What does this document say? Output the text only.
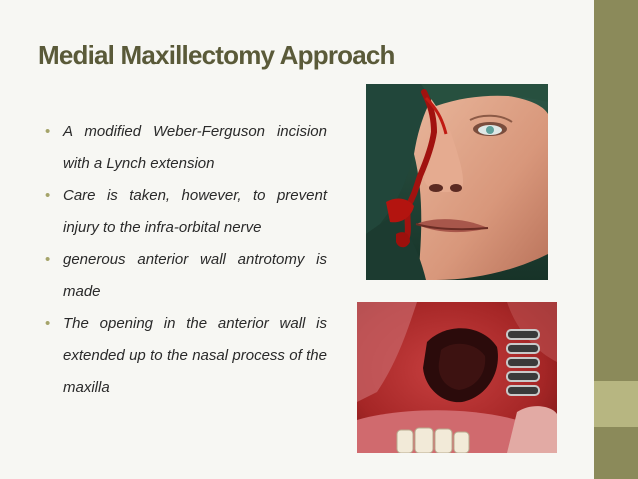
Medial Maxillectomy Approach
• A modified Weber-Ferguson incision with a Lynch extension
• Care is taken, however, to prevent injury to the infra-orbital nerve
• generous anterior wall antrotomy is made
• The opening in the anterior wall is extended up to the nasal process of the maxilla
